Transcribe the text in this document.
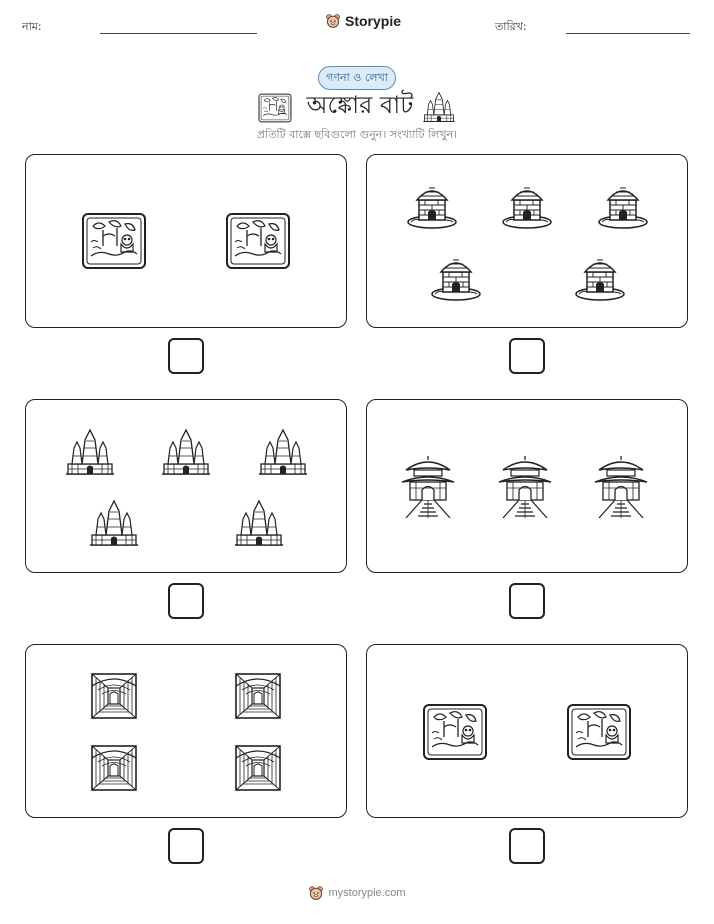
নাম:	Storypie	তারিখ:
গণনা ও লেখা
অঙ্কোর বাট
প্রতিটি বাক্সে ছবিগুলো গুনুন। সংখ্যাটি লিখুন।
mystorypie.com
